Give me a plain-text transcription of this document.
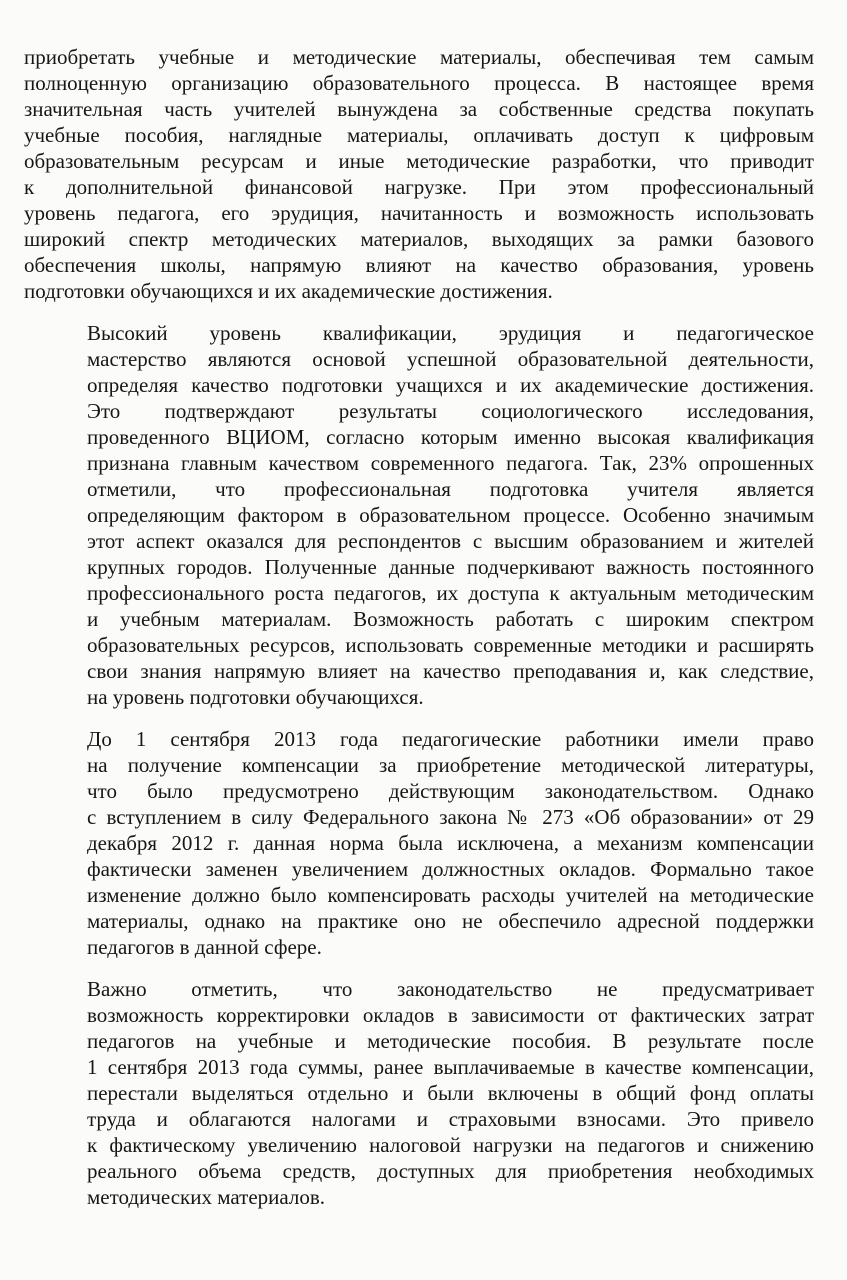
приобретать учебные и методические материалы, обеспечивая тем самым
полноценную организацию образовательного процесса. В настоящее время
значительная часть учителей вынуждена за собственные средства покупать
учебные пособия, наглядные материалы, оплачивать доступ к цифровым
образовательным ресурсам и иные методические разработки, что приводит
к дополнительной финансовой нагрузке. При этом профессиональный
уровень педагога, его эрудиция, начитанность и возможность использовать
широкий спектр методических материалов, выходящих за рамки базового
обеспечения школы, напрямую влияют на качество образования, уровень
подготовки обучающихся и их академические достижения.

Высокий уровень квалификации, эрудиция и педагогическое
мастерство являются основой успешной образовательной деятельности,
определяя качество подготовки учащихся и их академические достижения.
Это подтверждают результаты социологического исследования,
проведенного ВЦИОМ, согласно которым именно высокая квалификация
признана главным качеством современного педагога. Так, 23% опрошенных
отметили, что профессиональная подготовка учителя является
определяющим фактором в образовательном процессе. Особенно значимым
этот аспект оказался для респондентов с высшим образованием и жителей
крупных городов. Полученные данные подчеркивают важность постоянного
профессионального роста педагогов, их доступа к актуальным методическим
и учебным материалам. Возможность работать с широким спектром
образовательных ресурсов, использовать современные методики и расширять
свои знания напрямую влияет на качество преподавания и, как следствие,
на уровень подготовки обучающихся.

До 1 сентября 2013 года педагогические работники имели право
на получение компенсации за приобретение методической литературы,
что было предусмотрено действующим законодательством. Однако
с вступлением в силу Федерального закона № 273 «Об образовании» от 29
декабря 2012 г. данная норма была исключена, а механизм компенсации
фактически заменен увеличением должностных окладов. Формально такое
изменение должно было компенсировать расходы учителей на методические
материалы, однако на практике оно не обеспечило адресной поддержки
педагогов в данной сфере.

Важно отметить, что законодательство не предусматривает
возможность корректировки окладов в зависимости от фактических затрат
педагогов на учебные и методические пособия. В результате после
1 сентября 2013 года суммы, ранее выплачиваемые в качестве компенсации,
перестали выделяться отдельно и были включены в общий фонд оплаты
труда и облагаются налогами и страховыми взносами. Это привело
к фактическому увеличению налоговой нагрузки на педагогов и снижению
реального объема средств, доступных для приобретения необходимых
методических материалов.
